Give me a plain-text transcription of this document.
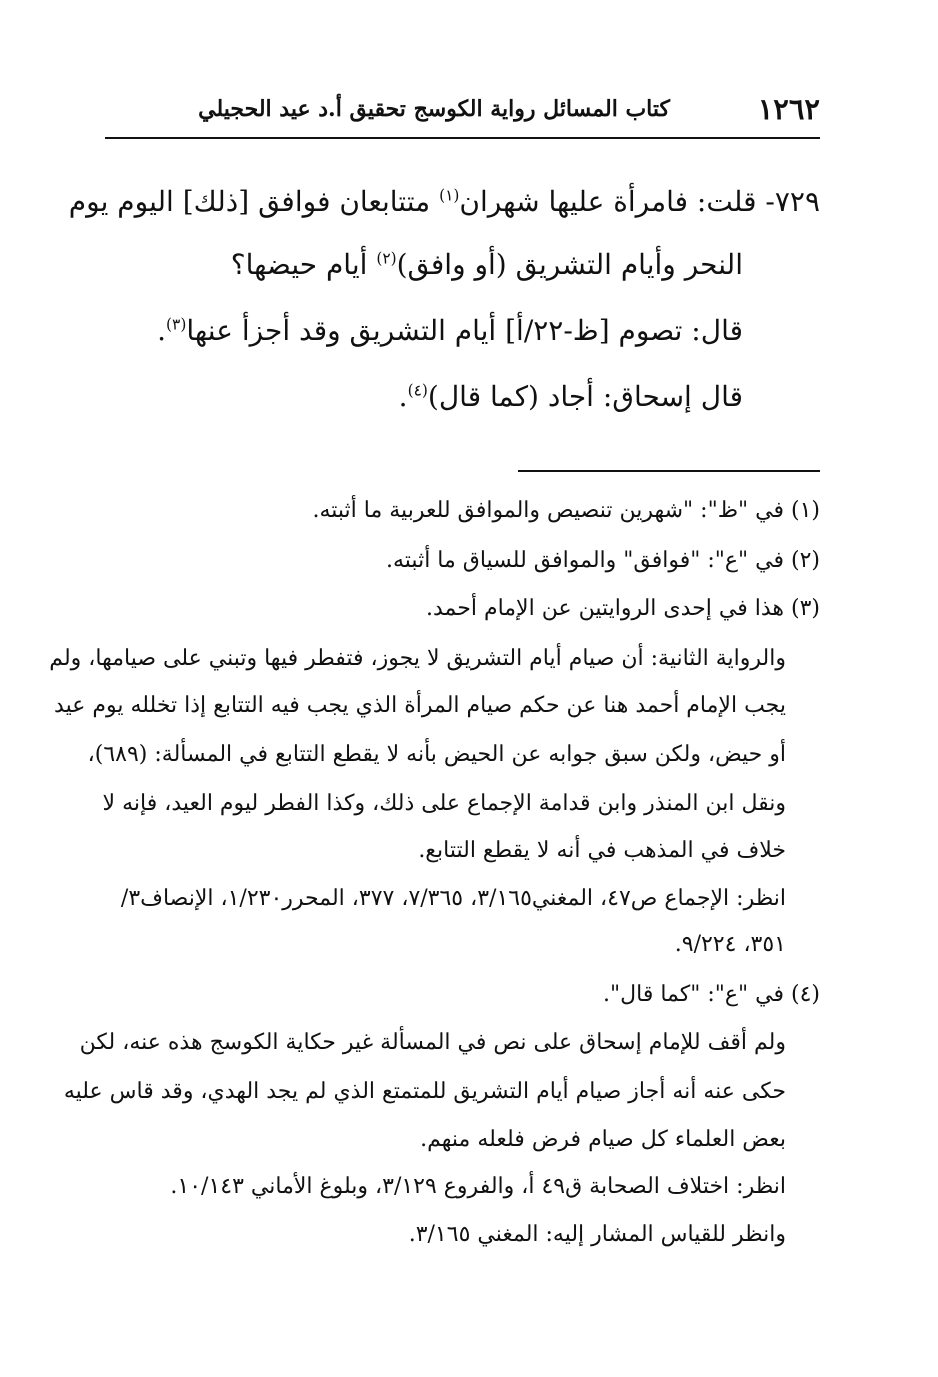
١٢٦٢
كتاب المسائل رواية الكوسج تحقيق أ.د عيد الحجيلي
٧٢٩- قلت: فامرأة عليها شهران$^{(١)}$ متتابعان فوافق [ذلك] اليوم يوم
النحر وأيام التشريق (أو وافق)$^{(٢)}$ أيام حيضها؟
قال: تصوم [ظ-٢٢/أ] أيام التشريق وقد أجزأ عنها$^{(٣)}$.
قال إسحاق: أجاد (كما قال)$^{(٤)}$.
(١) في "ظ": "شهرين تنصيص والموافق للعربية ما أثبته.
(٢) في "ع": "فوافق" والموافق للسياق ما أثبته.
(٣) هذا في إحدى الروايتين عن الإمام أحمد.
والرواية الثانية: أن صيام أيام التشريق لا يجوز، فتفطر فيها وتبني على صيامها، ولم
يجب الإمام أحمد هنا عن حكم صيام المرأة الذي يجب فيه التتابع إذا تخلله يوم عيد
أو حيض، ولكن سبق جوابه عن الحيض بأنه لا يقطع التتابع في المسألة: (٦٨٩)،
ونقل ابن المنذر وابن قدامة الإجماع على ذلك، وكذا الفطر ليوم العيد، فإنه لا
خلاف في المذهب في أنه لا يقطع التتابع.
انظر: الإجماع ص٤٧، المغني٣/١٦٥، ٧/٣٦٥، ٣٧٧، المحرر١/٢٣٠، الإنصاف٣/
٣٥١، ٩/٢٢٤.
(٤) في "ع": "كما قال".
ولم أقف للإمام إسحاق على نص في المسألة غير حكاية الكوسج هذه عنه، لكن
حكى عنه أنه أجاز صيام أيام التشريق للمتمتع الذي لم يجد الهدي، وقد قاس عليه
بعض العلماء كل صيام فرض فلعله منهم.
انظر: اختلاف الصحابة ق٤٩ أ، والفروع ٣/١٢٩، وبلوغ الأماني ١٠/١٤٣.
وانظر للقياس المشار إليه: المغني ٣/١٦٥.
